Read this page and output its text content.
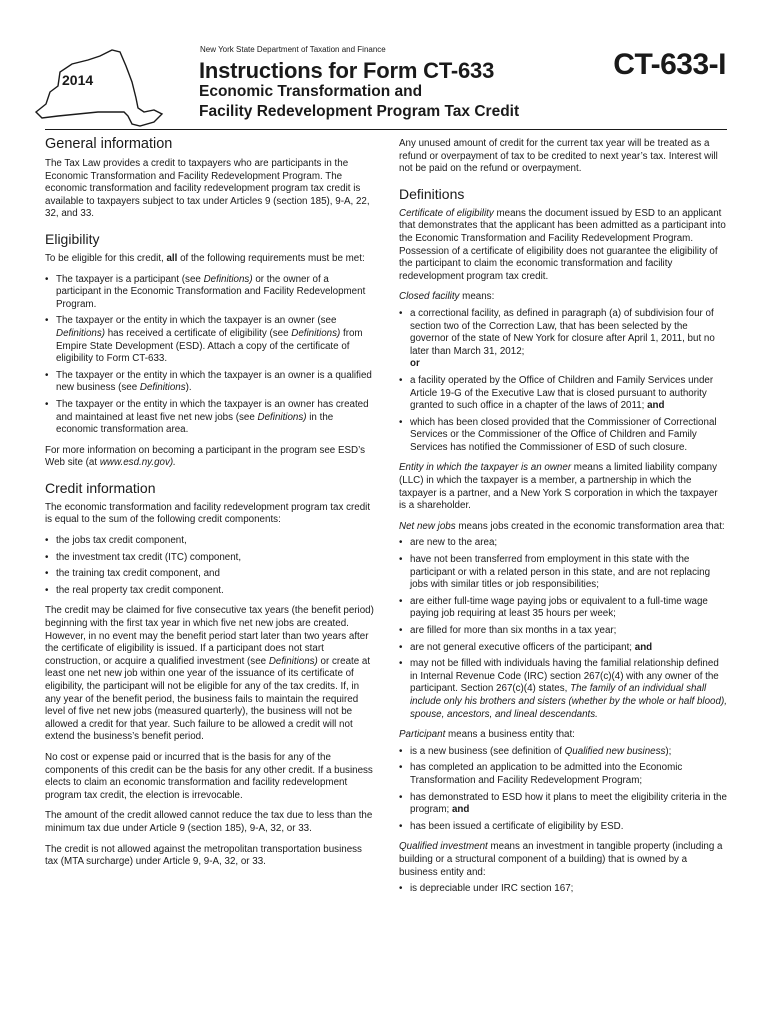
2014
New York State Department of Taxation and Finance
Instructions for Form CT-633
Economic Transformation and
Facility Redevelopment Program Tax Credit
CT-633-I
General information

The Tax Law provides a credit to taxpayers who are participants in the Economic Transformation and Facility Redevelopment Program. The economic transformation and facility redevelopment program tax credit is available to taxpayers subject to tax under Articles 9 (section 185), 9-A, 22, 32, and 33.

Eligibility

To be eligible for this credit, all of the following requirements must be met:

• The taxpayer is a participant (see Definitions) or the owner of a participant in the Economic Transformation and Facility Redevelopment Program.
• The taxpayer or the entity in which the taxpayer is an owner (see Definitions) has received a certificate of eligibility (see Definitions) from Empire State Development (ESD). Attach a copy of the certificate of eligibility to Form CT-633.
• The taxpayer or the entity in which the taxpayer is an owner is a qualified new business (see Definitions).
• The taxpayer or the entity in which the taxpayer is an owner has created and maintained at least five net new jobs (see Definitions) in the economic transformation area.

For more information on becoming a participant in the program see ESD’s Web site (at www.esd.ny.gov).

Credit information

The economic transformation and facility redevelopment program tax credit is equal to the sum of the following credit components:

• the jobs tax credit component,
• the investment tax credit (ITC) component,
• the training tax credit component, and
• the real property tax credit component.

The credit may be claimed for five consecutive tax years (the benefit period) beginning with the first tax year in which five net new jobs are created. However, in no event may the benefit period start later than two years after the certificate of eligibility is issued. If a participant does not start construction, or acquire a qualified investment (see Definitions) or create at least one net new job within one year of the issuance of its certificate of eligibility, the participant will not be eligible for any of the tax credits. If, in any year of the benefit period, the business fails to maintain the required level of five net new jobs (measured quarterly), the business will not be allowed a credit for that year. Such failure to be allowed a credit will not extend the business’s benefit period.

No cost or expense paid or incurred that is the basis for any of the components of this credit can be the basis for any other credit. If a business elects to claim an economic transformation and facility redevelopment program tax credit, the election is irrevocable.

The amount of the credit allowed cannot reduce the tax due to less than the minimum tax due under Article 9 (section 185), 9-A, 32, or 33.

The credit is not allowed against the metropolitan transportation business tax (MTA surcharge) under Article 9, 9-A, 32, or 33.

Any unused amount of credit for the current tax year will be treated as a refund or overpayment of tax to be credited to next year’s tax. Interest will not be paid on the refund or overpayment.

Definitions

Certificate of eligibility means the document issued by ESD to an applicant that demonstrates that the applicant has been admitted as a participant into the Economic Transformation and Facility Redevelopment Program. Possession of a certificate of eligibility does not guarantee the eligibility of the participant to claim the economic transformation and facility redevelopment program tax credit.

Closed facility means:

• a correctional facility, as defined in paragraph (a) of subdivision four of section two of the Correction Law, that has been selected by the governor of the state of New York for closure after April 1, 2011, but no later than March 31, 2012;
or
• a facility operated by the Office of Children and Family Services under Article 19-G of the Executive Law that is closed pursuant to authority granted to such office in a chapter of the laws of 2011; and
• which has been closed provided that the Commissioner of Correctional Services or the Commissioner of the Office of Children and Family Services has notified the Commissioner of ESD of such closure.

Entity in which the taxpayer is an owner means a limited liability company (LLC) in which the taxpayer is a member, a partnership in which the taxpayer is a partner, and a New York S corporation in which the taxpayer is a shareholder.

Net new jobs means jobs created in the economic transformation area that:

• are new to the area;
• have not been transferred from employment in this state with the participant or with a related person in this state, and are not replacing jobs with similar titles or job responsibilities;
• are either full-time wage paying jobs or equivalent to a full-time wage paying job requiring at least 35 hours per week;
• are filled for more than six months in a tax year;
• are not general executive officers of the participant; and
• may not be filled with individuals having the familial relationship defined in Internal Revenue Code (IRC) section 267(c)(4) with any owner of the participant. Section 267(c)(4) states, The family of an individual shall include only his brothers and sisters (whether by the whole or half blood), spouse, ancestors, and lineal descendants.

Participant means a business entity that:

• is a new business (see definition of Qualified new business);
• has completed an application to be admitted into the Economic Transformation and Facility Redevelopment Program;
• has demonstrated to ESD how it plans to meet the eligibility criteria in the program; and
• has been issued a certificate of eligibility by ESD.

Qualified investment means an investment in tangible property (including a building or a structural component of a building) that is owned by a business entity and:

• is depreciable under IRC section 167;
